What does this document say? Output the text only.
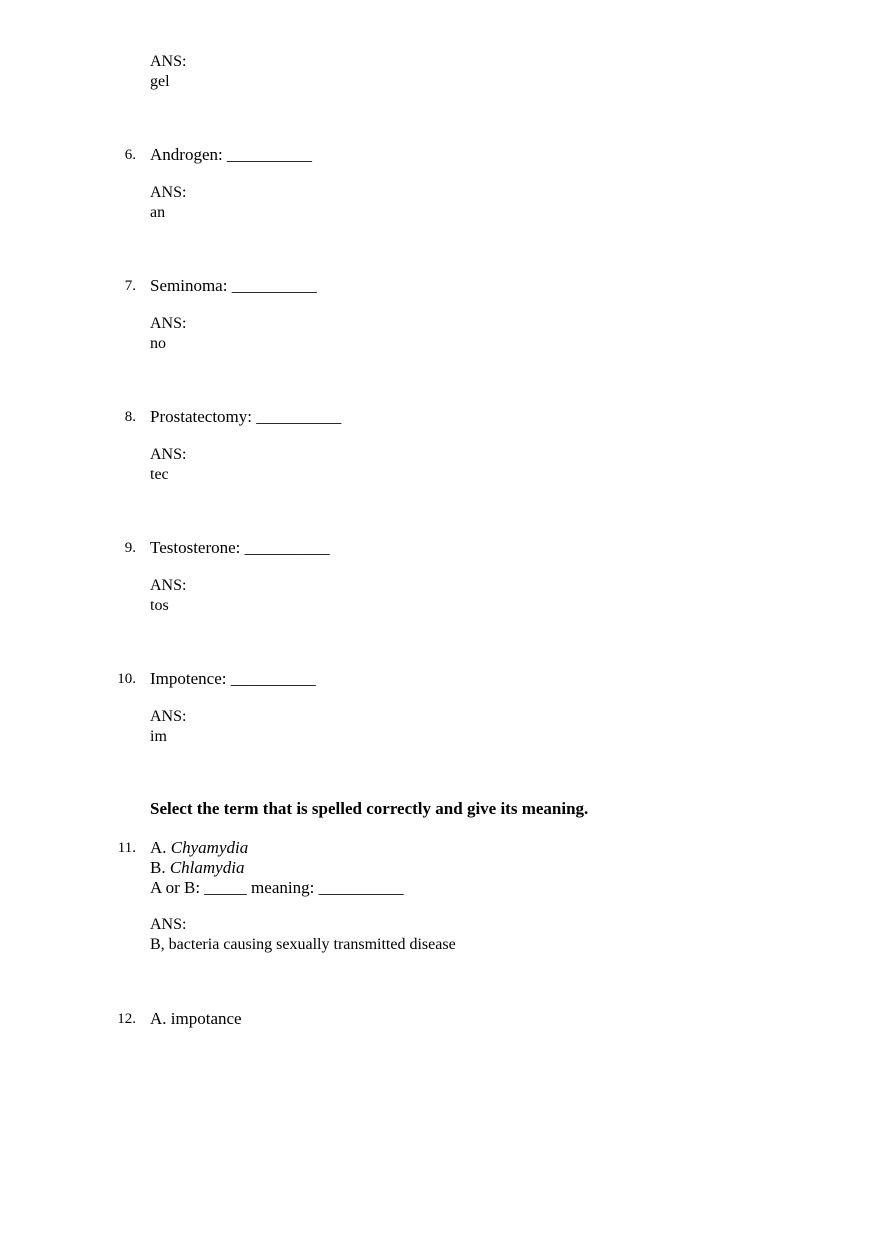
ANS:
gel
6. Androgen: __________
ANS:
an
7. Seminoma: __________
ANS:
no
8. Prostatectomy: __________
ANS:
tec
9. Testosterone: __________
ANS:
tos
10. Impotence: __________
ANS:
im
Select the term that is spelled correctly and give its meaning.
11. A. Chyamydia
B. Chlamydia
A or B: _____ meaning: __________
ANS:
B, bacteria causing sexually transmitted disease
12. A. impotance
